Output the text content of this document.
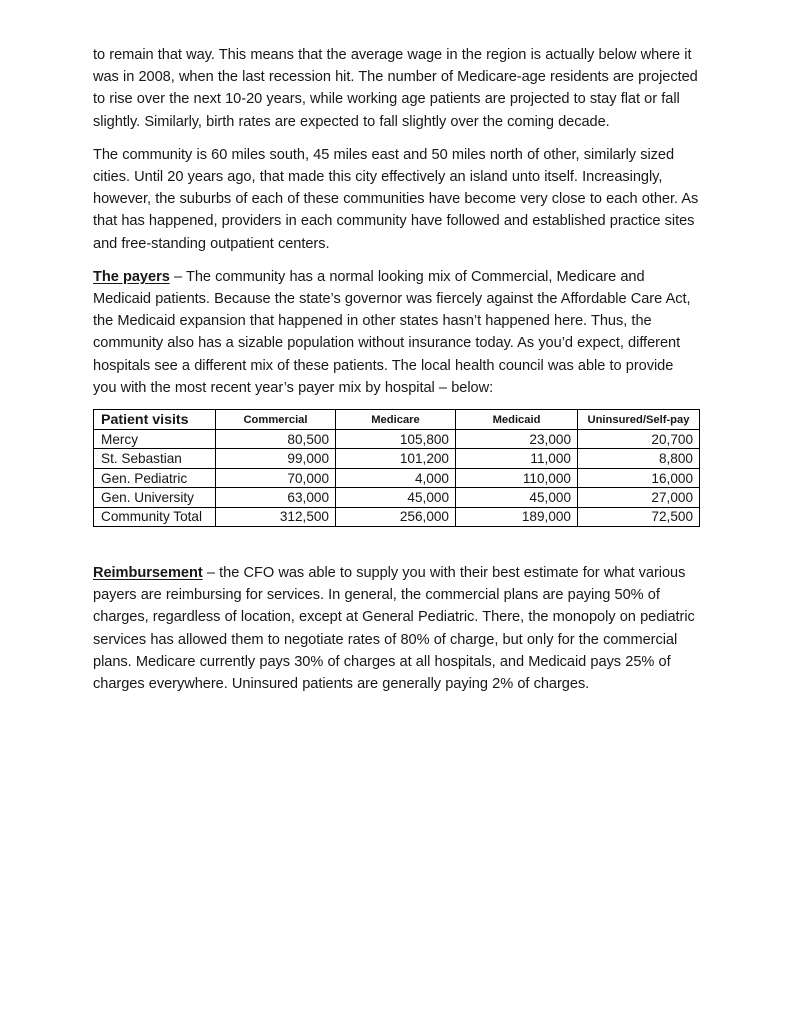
to remain that way. This means that the average wage in the region is actually below where it was in 2008, when the last recession hit. The number of Medicare-age residents are projected to rise over the next 10-20 years, while working age patients are projected to stay flat or fall slightly. Similarly, birth rates are expected to fall slightly over the coming decade.

The community is 60 miles south, 45 miles east and 50 miles north of other, similarly sized cities. Until 20 years ago, that made this city effectively an island unto itself. Increasingly, however, the suburbs of each of these communities have become very close to each other. As that has happened, providers in each community have followed and established practice sites and free-standing outpatient centers.

The payers – The community has a normal looking mix of Commercial, Medicare and Medicaid patients. Because the state’s governor was fiercely against the Affordable Care Act, the Medicaid expansion that happened in other states hasn’t happened here. Thus, the community also has a sizable population without insurance today. As you’d expect, different hospitals see a different mix of these patients. The local health council was able to provide you with the most recent year’s payer mix by hospital – below:

Patient visits	Commercial	Medicare	Medicaid	Uninsured/Self-pay
Mercy	80,500	105,800	23,000	20,700
St. Sebastian	99,000	101,200	11,000	8,800
Gen. Pediatric	70,000	4,000	110,000	16,000
Gen. University	63,000	45,000	45,000	27,000
Community Total	312,500	256,000	189,000	72,500

Reimbursement – the CFO was able to supply you with their best estimate for what various payers are reimbursing for services. In general, the commercial plans are paying 50% of charges, regardless of location, except at General Pediatric. There, the monopoly on pediatric services has allowed them to negotiate rates of 80% of charge, but only for the commercial plans. Medicare currently pays 30% of charges at all hospitals, and Medicaid pays 25% of charges everywhere. Uninsured patients are generally paying 2% of charges.
